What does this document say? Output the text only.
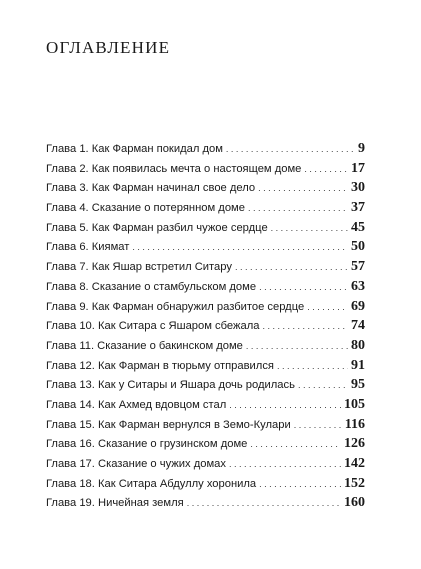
ОГЛАВЛЕНИЕ
Глава 1. Как Фарман покидал дом . . .	9
Глава 2. Как появилась мечта о настоящем доме . . .	17
Глава 3. Как Фарман начинал свое дело . . .	30
Глава 4. Сказание о потерянном доме . . .	37
Глава 5. Как Фарман разбил чужое сердце . . .	45
Глава 6. Киямат . . .	50
Глава 7. Как Яшар встретил Ситару . . .	57
Глава 8. Сказание о стамбульском доме . . .	63
Глава 9. Как Фарман обнаружил разбитое сердце . . .	69
Глава 10. Как Ситара с Яшаром сбежала . . .	74
Глава 11. Сказание о бакинском доме . . .	80
Глава 12. Как Фарман в тюрьму отправился . . .	91
Глава 13. Как у Ситары и Яшара дочь родилась . . .	95
Глава 14. Как Ахмед вдовцом стал . . .	105
Глава 15. Как Фарман вернулся в Земо-Кулари . . .	116
Глава 16. Сказание о грузинском доме . . .	126
Глава 17. Сказание о чужих домах . . .	142
Глава 18. Как Ситара Абдуллу хоронила . . .	152
Глава 19. Ничейная земля . . .	160
